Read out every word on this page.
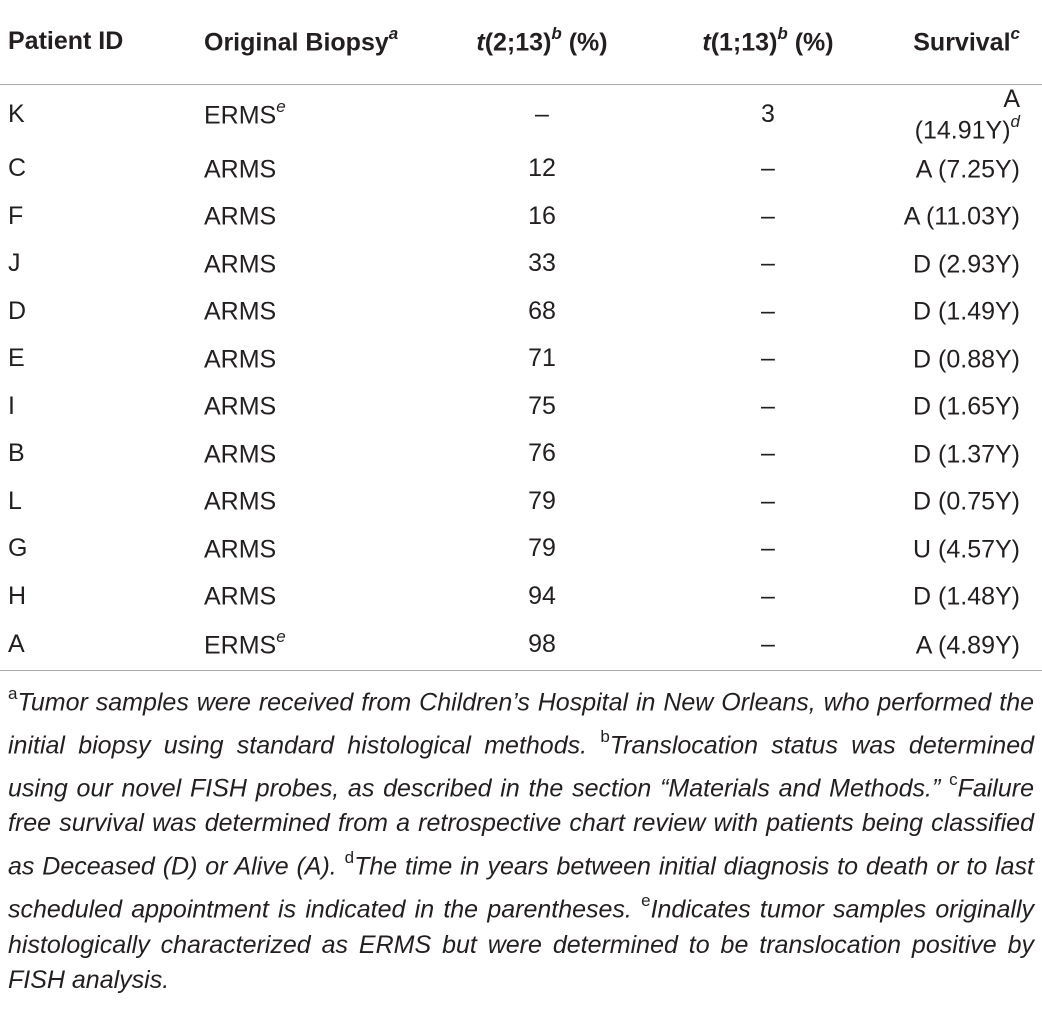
Patient ID	Original Biopsy$^a$	t(2;13)$^b$ (%)	t(1;13)$^b$ (%)	Survival$^c$
K	ERMS$^e$	–	3	A $(14.91Y)^d$
C	ARMS	12	–	A (7.25Y)
F	ARMS	16	–	A (11.03Y)
J	ARMS	33	–	D (2.93Y)
D	ARMS	68	–	D (1.49Y)
E	ARMS	71	–	D (0.88Y)
I	ARMS	75	–	D (1.65Y)
B	ARMS	76	–	D (1.37Y)
L	ARMS	79	–	D (0.75Y)
G	ARMS	79	–	U (4.57Y)
H	ARMS	94	–	D (1.48Y)
A	ERMS$^e$	98	–	A (4.89Y)
$^a$Tumor samples were received from Children’s Hospital in New Orleans, who performed the initial biopsy using standard histological methods. $^b$Translocation status was determined using our novel FISH probes, as described in the section “Materials and Methods.” $^c$Failure free survival was determined from a retrospective chart review with patients being classified as Deceased (D) or Alive (A). $^d$The time in years between initial diagnosis to death or to last scheduled appointment is indicated in the parentheses. $^e$Indicates tumor samples originally histologically characterized as ERMS but were determined to be translocation positive by FISH analysis.
